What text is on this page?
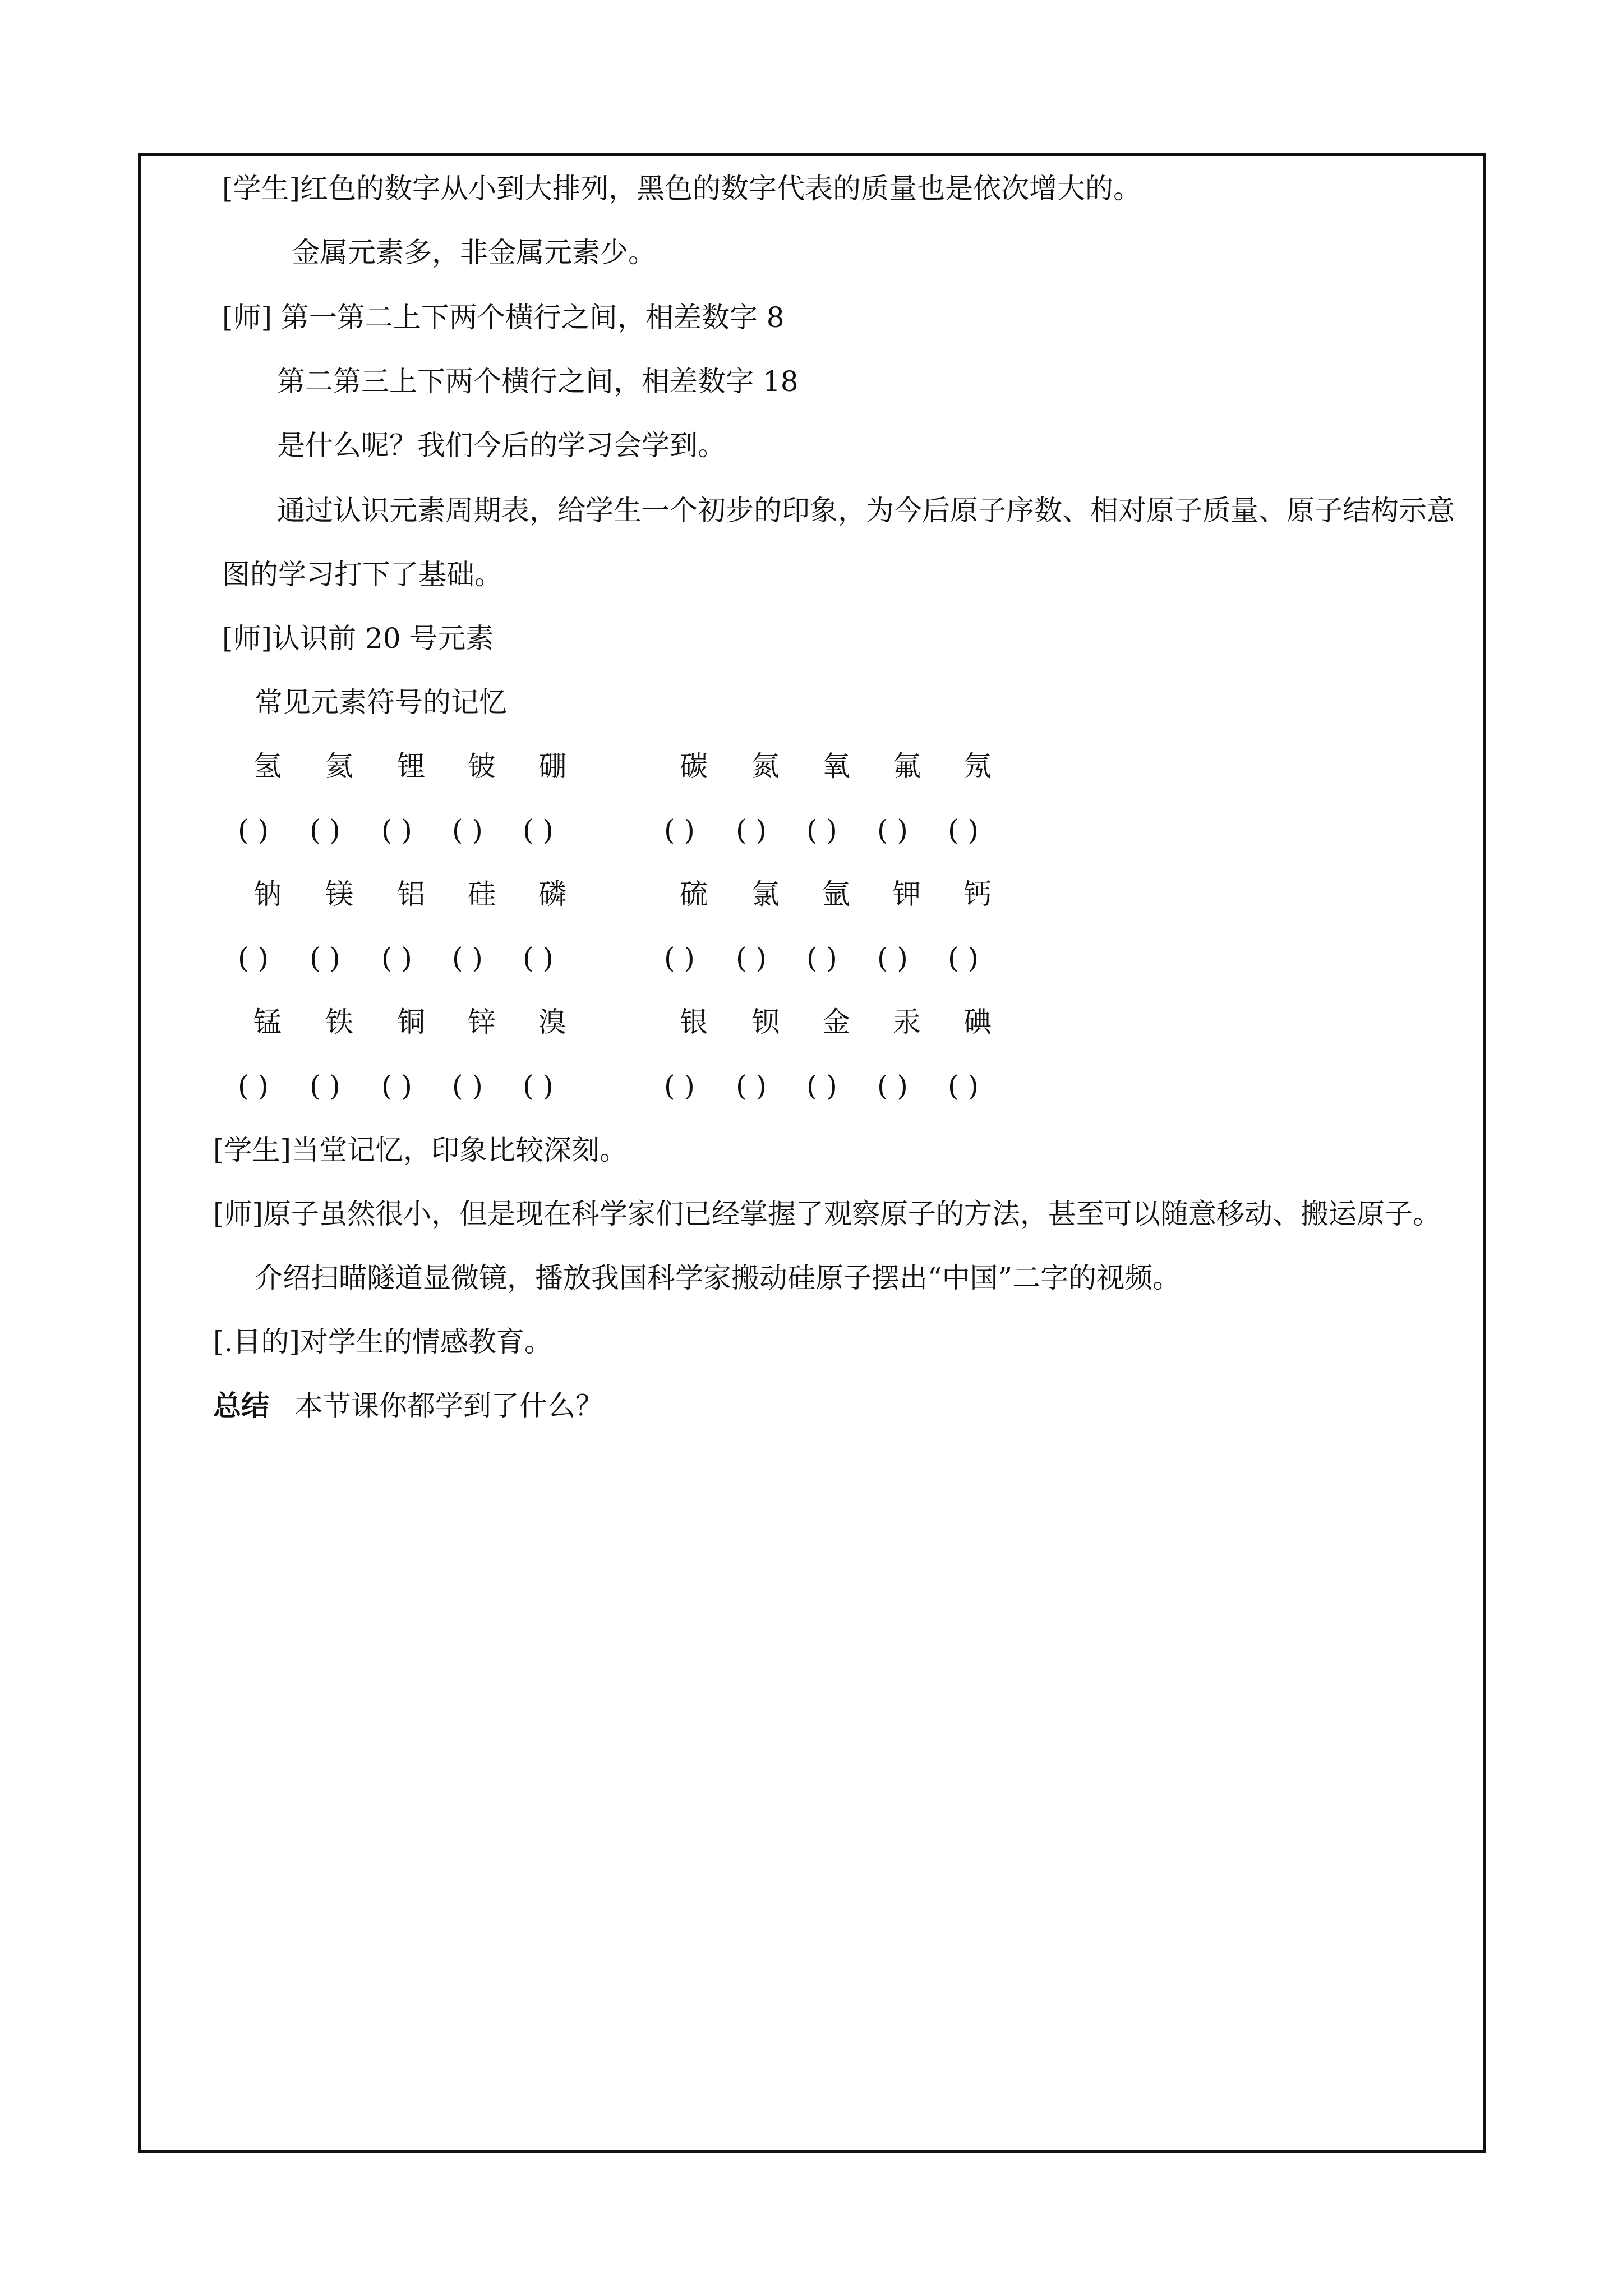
[学生]红色的数字从小到大排列，黑色的数字代表的质量也是依次增大的。
金属元素多，非金属元素少。
[师] 第一第二上下两个横行之间，相差数字 8
第二第三上下两个横行之间，相差数字 18
是什么呢？我们今后的学习会学到。
通过认识元素周期表，给学生一个初步的印象，为今后原子序数、相对原子质量、原子结构示意
图的学习打下了基础。
[师]认识前 20 号元素
常见元素符号的记忆
氢 氦 锂 铍 硼	碳 氮 氧 氟 氖
( ) ( ) ( ) ( ) ( )	( ) ( ) ( ) ( ) ( )
钠 镁 铝 硅 磷	硫 氯 氩 钾 钙
( ) ( ) ( ) ( ) ( )	( ) ( ) ( ) ( ) ( )
锰 铁 铜 锌 溴	银 钡 金 汞 碘
( ) ( ) ( ) ( ) ( )	( ) ( ) ( ) ( ) ( )
[学生]当堂记忆，印象比较深刻。
[师]原子虽然很小，但是现在科学家们已经掌握了观察原子的方法，甚至可以随意移动、搬运原子。
介绍扫瞄隧道显微镜，播放我国科学家搬动硅原子摆出“中国”二字的视频。
[.目的]对学生的情感教育。
总结 本节课你都学到了什么？
